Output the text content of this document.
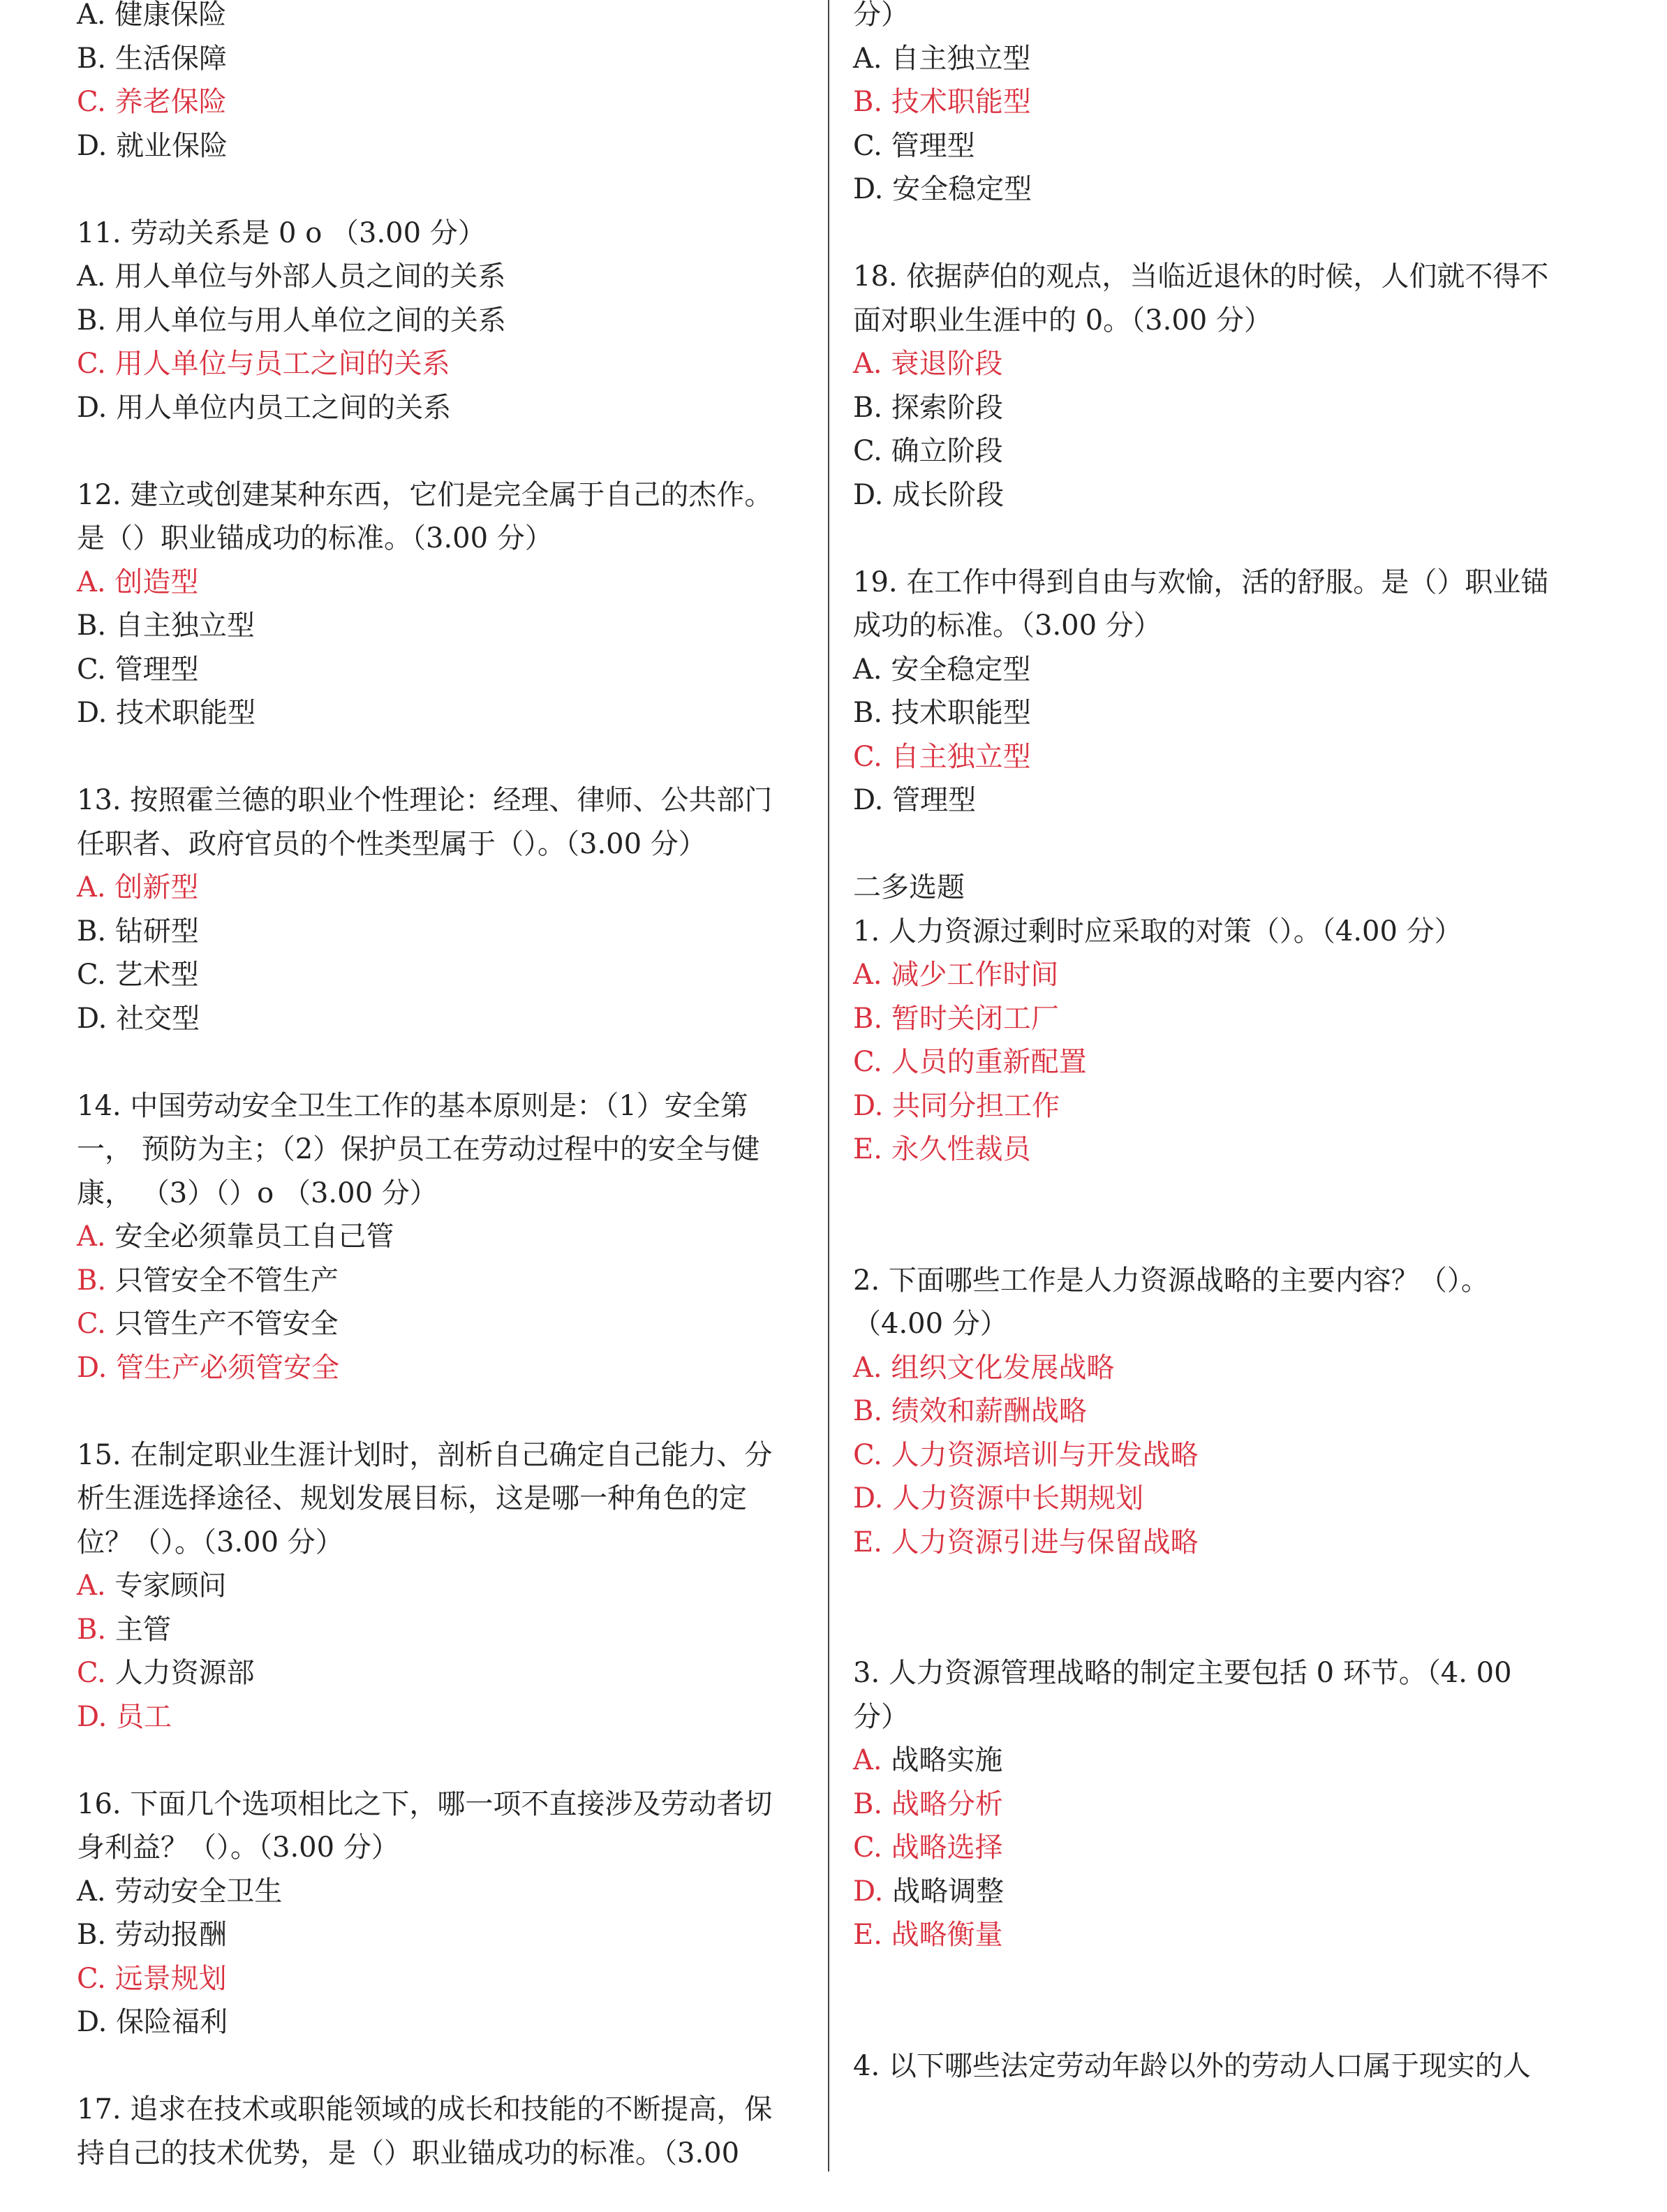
A. 健康保险
B. 生活保障
C. 养老保险
D. 就业保险
11. 劳动关系是 0 o （3.00 分）
A. 用人单位与外部人员之间的关系
B. 用人单位与用人单位之间的关系
C. 用人单位与员工之间的关系
D. 用人单位内员工之间的关系
12. 建立或创建某种东西，它们是完全属于自己的杰作。
是（）职业锚成功的标准。（3.00 分）
A. 创造型
B. 自主独立型
C. 管理型
D. 技术职能型
13. 按照霍兰德的职业个性理论：经理、律师、公共部门
任职者、政府官员的个性类型属于（）。（3.00 分）
A. 创新型
B. 钻研型
C. 艺术型
D. 社交型
14. 中国劳动安全卫生工作的基本原则是：（1）安全第
一， 预防为主；（2）保护员工在劳动过程中的安全与健
康， （3）（）o （3.00 分）
A. 安全必须靠员工自己管
B. 只管安全不管生产
C. 只管生产不管安全
D. 管生产必须管安全
15. 在制定职业生涯计划时，剖析自己确定自己能力、分
析生涯选择途径、规划发展目标，这是哪一种角色的定
位？（）。（3.00 分）
A. 专家顾问
B. 主管
C. 人力资源部
D. 员工
16. 下面几个选项相比之下，哪一项不直接涉及劳动者切
身利益？（）。（3.00 分）
A. 劳动安全卫生
B. 劳动报酬
C. 远景规划
D. 保险福利
17. 追求在技术或职能领域的成长和技能的不断提高，保
持自己的技术优势，是（）职业锚成功的标准。（3.00
分）
A. 自主独立型
B. 技术职能型
C. 管理型
D. 安全稳定型
18. 依据萨伯的观点，当临近退休的时候，人们就不得不
面对职业生涯中的 0。（3.00 分）
A. 衰退阶段
B. 探索阶段
C. 确立阶段
D. 成长阶段
19. 在工作中得到自由与欢愉，活的舒服。是（）职业锚
成功的标准。（3.00 分）
A. 安全稳定型
B. 技术职能型
C. 自主独立型
D. 管理型
二多选题
1. 人力资源过剩时应采取的对策（）。（4.00 分）
A. 减少工作时间
B. 暂时关闭工厂
C. 人员的重新配置
D. 共同分担工作
E. 永久性裁员
2. 下面哪些工作是人力资源战略的主要内容？（）。
（4.00 分）
A. 组织文化发展战略
B. 绩效和薪酬战略
C. 人力资源培训与开发战略
D. 人力资源中长期规划
E. 人力资源引进与保留战略
3. 人力资源管理战略的制定主要包括 0 环节。（4. 00
分）
A. 战略实施
B. 战略分析
C. 战略选择
D. 战略调整
E. 战略衡量
4. 以下哪些法定劳动年龄以外的劳动人口属于现实的人
